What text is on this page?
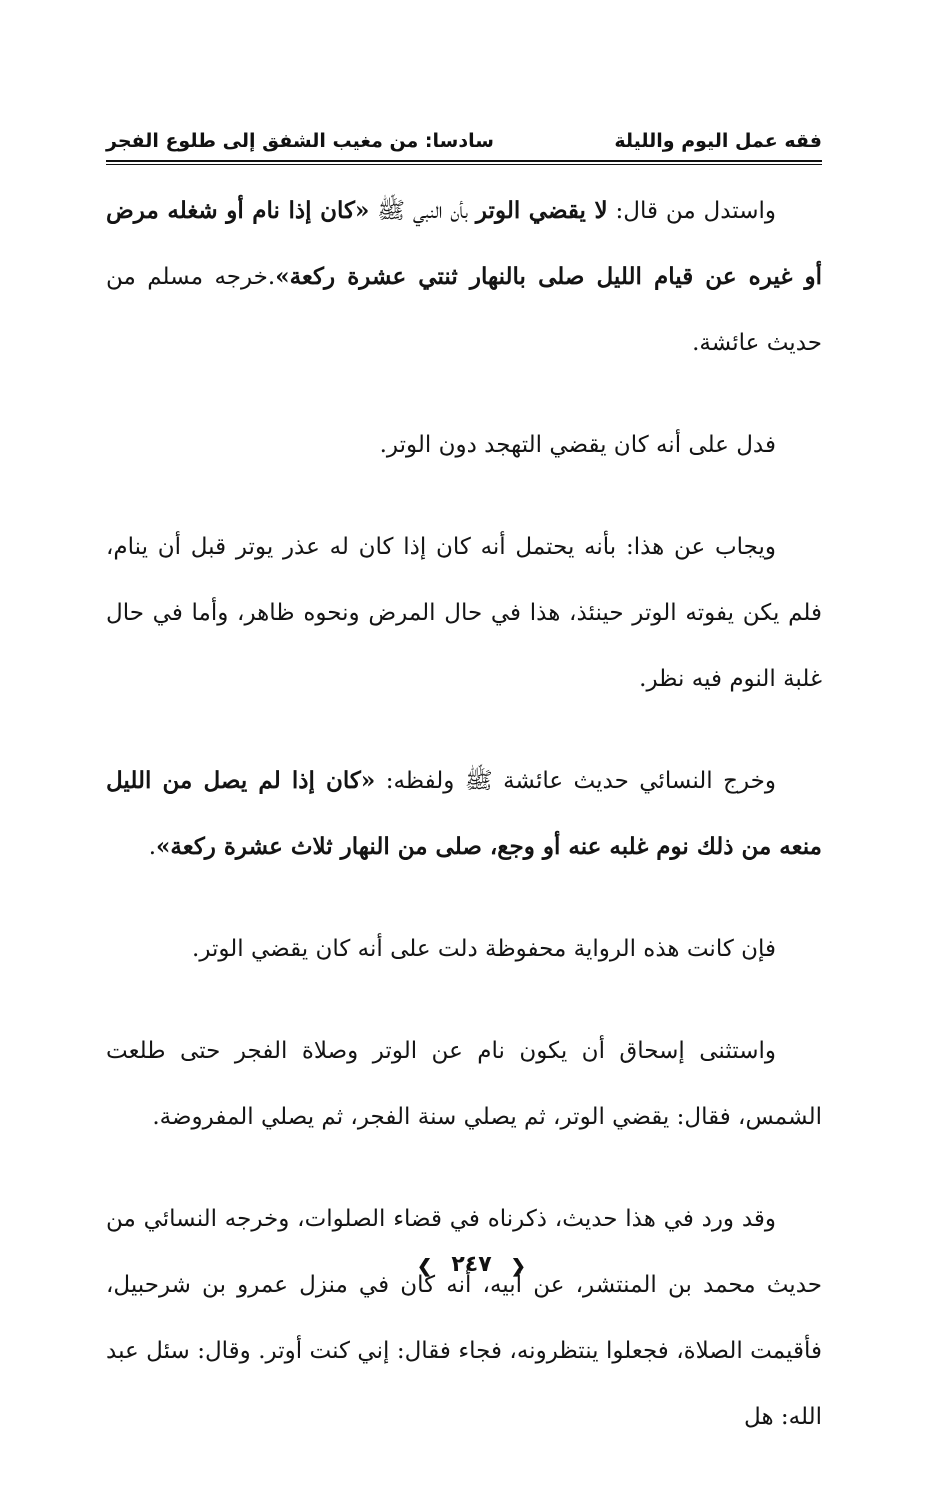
فقه عمل اليوم والليلة
سادسا: من مغيب الشفق إلى طلوع الفجر

واستدل من قال: لا يقضي الوتر بأن النبي ﷺ «كان إذا نام أو شغله مرض أو غيره عن قيام الليل صلى بالنهار ثنتي عشرة ركعة».خرجه مسلم من حديث عائشة.

فدل على أنه كان يقضي التهجد دون الوتر.

ويجاب عن هذا: بأنه يحتمل أنه كان إذا كان له عذر يوتر قبل أن ينام، فلم يكن يفوته الوتر حينئذ، هذا في حال المرض ونحوه ظاهر، وأما في حال غلبة النوم فيه نظر.

وخرج النسائي حديث عائشة ﷺ ولفظه: «كان إذا لم يصل من الليل منعه من ذلك نوم غلبه عنه أو وجع، صلى من النهار ثلاث عشرة ركعة».

فإن كانت هذه الرواية محفوظة دلت على أنه كان يقضي الوتر.

واستثنى إسحاق أن يكون نام عن الوتر وصلاة الفجر حتى طلعت الشمس، فقال: يقضي الوتر، ثم يصلي سنة الفجر، ثم يصلي المفروضة.

وقد ورد في هذا حديث، ذكرناه في قضاء الصلوات، وخرجه النسائي من حديث محمد بن المنتشر، عن أبيه، أنه كان في منزل عمرو بن شرحبيل، فأقيمت الصلاة، فجعلوا ينتظرونه، فجاء فقال: إني كنت أوتر. وقال: سئل عبد الله: هل

❮ ٢٤٧ ❯
